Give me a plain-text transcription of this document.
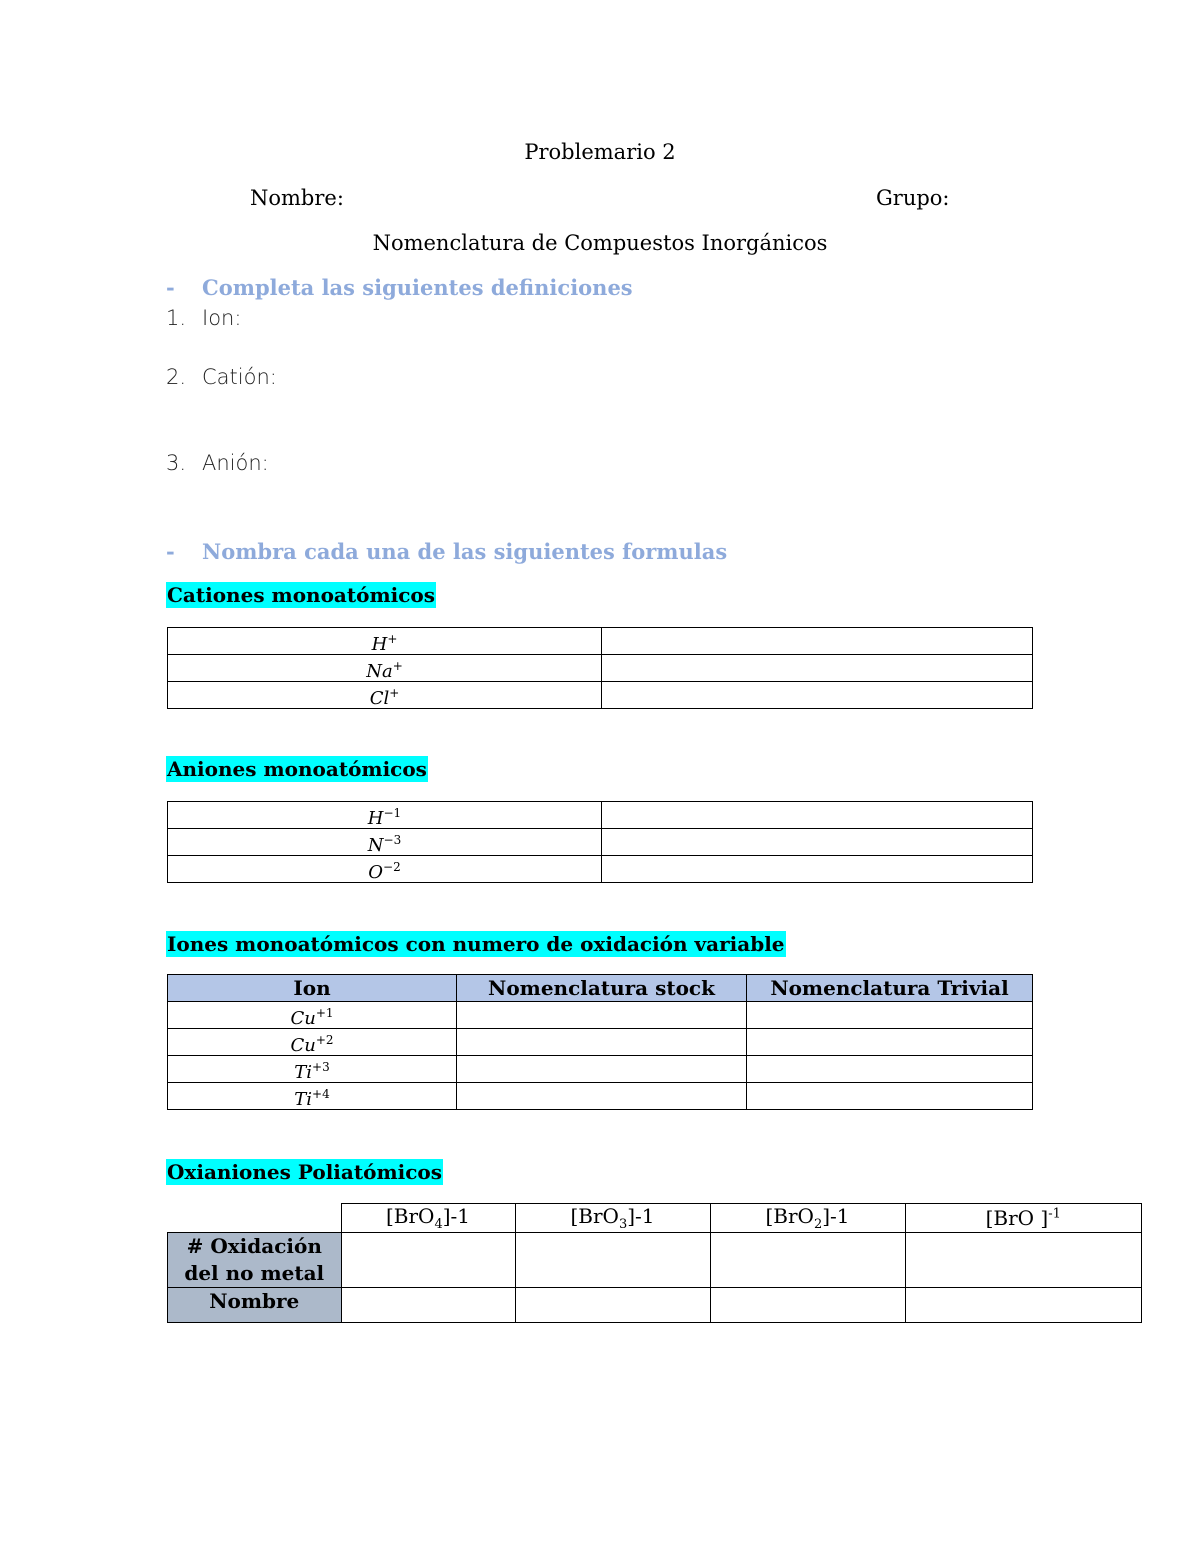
Problemario 2
Nombre:	Grupo:
Nomenclatura de Compuestos Inorgánicos
- Completa las siguientes definiciones
1. Ion:
2. Catión:
3. Anión:
- Nombra cada una de las siguientes formulas
Cationes monoatómicos
H+	
Na+	
Cl+	
Aniones monoatómicos
$H^{-1}$	
$N^{-3}$	
$O^{-2}$	
Iones monoatómicos con numero de oxidación variable
Ion	Nomenclatura stock	Nomenclatura Trivial
$Cu^{+1}$		
$Cu^{+2}$		
$Ti^{+3}$		
$Ti^{+4}$		
Oxianiones Poliatómicos
	[BrO$_4$]-1	[BrO$_3$]-1	[BrO$_2$]-1	[BrO ]$^{-1}$
# Oxidación del no metal				
Nombre				
